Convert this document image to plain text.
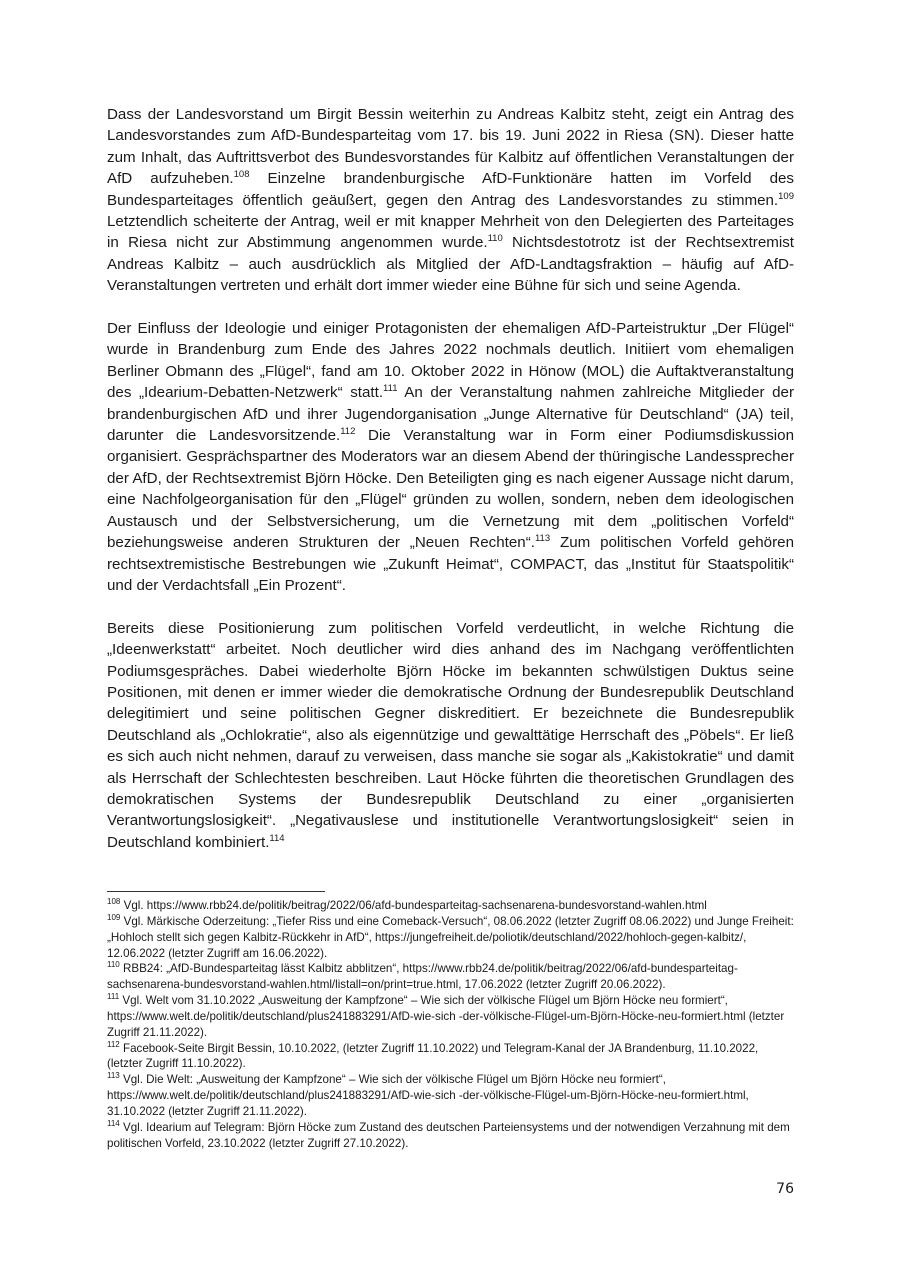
Dass der Landesvorstand um Birgit Bessin weiterhin zu Andreas Kalbitz steht, zeigt ein Antrag des Landesvorstandes zum AfD-Bundesparteitag vom 17. bis 19. Juni 2022 in Riesa (SN). Dieser hatte zum Inhalt, das Auftrittsverbot des Bundesvorstandes für Kalbitz auf öffentlichen Veranstaltungen der AfD aufzuheben.$^{108}$ Einzelne brandenburgische AfD-Funktionäre hatten im Vorfeld des Bundesparteitages öffentlich geäußert, gegen den Antrag des Landesvorstandes zu stimmen.$^{109}$ Letztendlich scheiterte der Antrag, weil er mit knapper Mehrheit von den Delegierten des Parteitages in Riesa nicht zur Abstimmung angenommen wurde.$^{110}$ Nichtsdestotrotz ist der Rechtsextremist Andreas Kalbitz – auch ausdrücklich als Mitglied der AfD-Landtagsfraktion – häufig auf AfD-Veranstaltungen vertreten und erhält dort immer wieder eine Bühne für sich und seine Agenda.

Der Einfluss der Ideologie und einiger Protagonisten der ehemaligen AfD-Parteistruktur „Der Flügel“ wurde in Brandenburg zum Ende des Jahres 2022 nochmals deutlich. Initiiert vom ehemaligen Berliner Obmann des „Flügel“, fand am 10. Oktober 2022 in Hönow (MOL) die Auftaktveranstaltung des „Idearium-Debatten-Netzwerk“ statt.$^{111}$ An der Veranstaltung nahmen zahlreiche Mitglieder der brandenburgischen AfD und ihrer Jugendorganisation „Junge Alternative für Deutschland“ (JA) teil, darunter die Landesvorsitzende.$^{112}$ Die Veranstaltung war in Form einer Podiumsdiskussion organisiert. Gesprächspartner des Moderators war an diesem Abend der thüringische Landessprecher der AfD, der Rechtsextremist Björn Höcke. Den Beteiligten ging es nach eigener Aussage nicht darum, eine Nachfolgeorganisation für den „Flügel“ gründen zu wollen, sondern, neben dem ideologischen Austausch und der Selbstversicherung, um die Vernetzung mit dem „politischen Vorfeld“ beziehungsweise anderen Strukturen der „Neuen Rechten“.$^{113}$ Zum politischen Vorfeld gehören rechtsextremistische Bestrebungen wie „Zukunft Heimat“, COMPACT, das „Institut für Staatspolitik“ und der Verdachtsfall „Ein Prozent“.

Bereits diese Positionierung zum politischen Vorfeld verdeutlicht, in welche Richtung die „Ideenwerkstatt“ arbeitet. Noch deutlicher wird dies anhand des im Nachgang veröffentlichten Podiumsgespräches. Dabei wiederholte Björn Höcke im bekannten schwülstigen Duktus seine Positionen, mit denen er immer wieder die demokratische Ordnung der Bundesrepublik Deutschland delegitimiert und seine politischen Gegner diskreditiert. Er bezeichnete die Bundesrepublik Deutschland als „Ochlokratie“, also als eigennützige und gewalttätige Herrschaft des „Pöbels“. Er ließ es sich auch nicht nehmen, darauf zu verweisen, dass manche sie sogar als „Kakistokratie“ und damit als Herrschaft der Schlechtesten beschreiben. Laut Höcke führten die theoretischen Grundlagen des demokratischen Systems der Bundesrepublik Deutschland zu einer „organisierten Verantwortungslosigkeit“. „Negativauslese und institutionelle Verantwortungslosigkeit“ seien in Deutschland kombiniert.$^{114}$

$^{108}$ Vgl. https://www.rbb24.de/politik/beitrag/2022/06/afd-bundesparteitag-sachsenarena-bundesvorstand-wahlen.html
$^{109}$ Vgl. Märkische Oderzeitung: „Tiefer Riss und eine Comeback-Versuch“, 08.06.2022 (letzter Zugriff 08.06.2022) und Junge Freiheit: „Hohloch stellt sich gegen Kalbitz-Rückkehr in AfD“, https://jungefreiheit.de/poliotik/deutschland/2022/hohloch-gegen-kalbitz/, 12.06.2022 (letzter Zugriff am 16.06.2022).
$^{110}$ RBB24: „AfD-Bundesparteitag lässt Kalbitz abblitzen“, https://www.rbb24.de/politik/beitrag/2022/06/afd-bundesparteitag-sachsenarena-bundesvorstand-wahlen.html/listall=on/print=true.html, 17.06.2022 (letzter Zugriff 20.06.2022).
$^{111}$ Vgl. Welt vom 31.10.2022 „Ausweitung der Kampfzone“ – Wie sich der völkische Flügel um Björn Höcke neu formiert“, https://www.welt.de/politik/deutschland/plus241883291/AfD-wie-sich -der-völkische-Flügel-um-Björn-Höcke-neu-formiert.html (letzter Zugriff 21.11.2022).
$^{112}$ Facebook-Seite Birgit Bessin, 10.10.2022, (letzter Zugriff 11.10.2022) und Telegram-Kanal der JA Brandenburg, 11.10.2022, (letzter Zugriff 11.10.2022).
$^{113}$ Vgl. Die Welt: „Ausweitung der Kampfzone“ – Wie sich der völkische Flügel um Björn Höcke neu formiert“, https://www.welt.de/politik/deutschland/plus241883291/AfD-wie-sich -der-völkische-Flügel-um-Björn-Höcke-neu-formiert.html, 31.10.2022 (letzter Zugriff 21.11.2022).
$^{114}$ Vgl. Idearium auf Telegram: Björn Höcke zum Zustand des deutschen Parteiensystems und der notwendigen Verzahnung mit dem politischen Vorfeld, 23.10.2022 (letzter Zugriff 27.10.2022).
76
